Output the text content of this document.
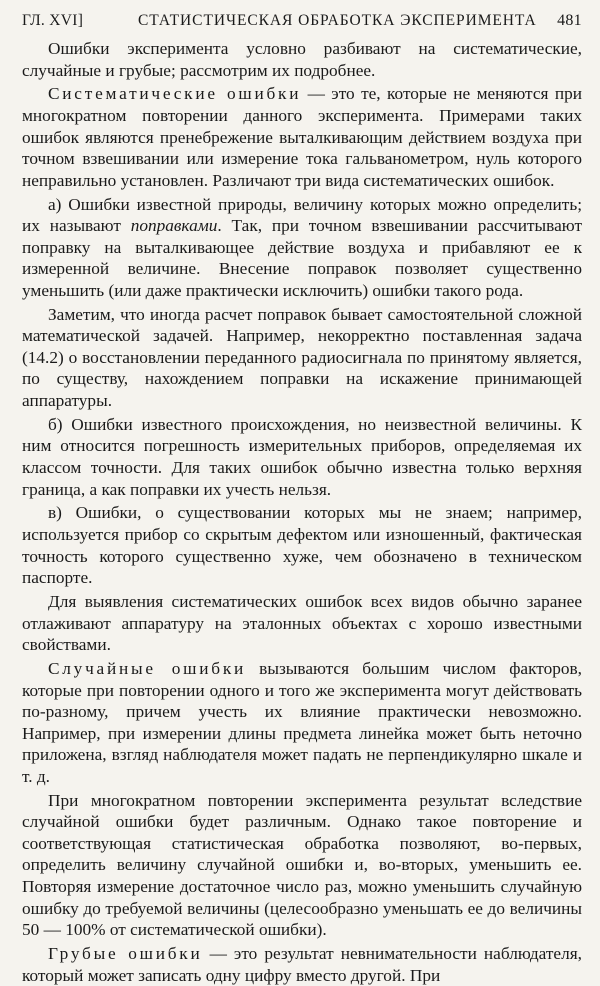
ГЛ. XVI]	СТАТИСТИЧЕСКАЯ ОБРАБОТКА ЭКСПЕРИМЕНТА 481

Ошибки эксперимента условно разбивают на систематические, случайные и грубые; рассмотрим их подробнее.

Систематические ошибки — это те, которые не меняются при многократном повторении данного эксперимента. Примерами таких ошибок являются пренебрежение выталкивающим действием воздуха при точном взвешивании или измерение тока гальванометром, нуль которого неправильно установлен. Различают три вида систематических ошибок.

а) Ошибки известной природы, величину которых можно определить; их называют поправками. Так, при точном взвешивании рассчитывают поправку на выталкивающее действие воздуха и прибавляют ее к измеренной величине. Внесение поправок позволяет существенно уменьшить (или даже практически исключить) ошибки такого рода.

Заметим, что иногда расчет поправок бывает самостоятельной сложной математической задачей. Например, некорректно поставленная задача (14.2) о восстановлении переданного радиосигнала по принятому является, по существу, нахождением поправки на искажение принимающей аппаратуры.

б) Ошибки известного происхождения, но неизвестной величины. К ним относится погрешность измерительных приборов, определяемая их классом точности. Для таких ошибок обычно известна только верхняя граница, а как поправки их учесть нельзя.

в) Ошибки, о существовании которых мы не знаем; например, используется прибор со скрытым дефектом или изношенный, фактическая точность которого существенно хуже, чем обозначено в техническом паспорте.

Для выявления систематических ошибок всех видов обычно заранее отлаживают аппаратуру на эталонных объектах с хорошо известными свойствами.

Случайные ошибки вызываются большим числом факторов, которые при повторении одного и того же эксперимента могут действовать по-разному, причем учесть их влияние практически невозможно. Например, при измерении длины предмета линейка может быть неточно приложена, взгляд наблюдателя может падать не перпендикулярно шкале и т. д.

При многократном повторении эксперимента результат вследствие случайной ошибки будет различным. Однако такое повторение и соответствующая статистическая обработка позволяют, во-первых, определить величину случайной ошибки и, во-вторых, уменьшить ее. Повторяя измерение достаточное число раз, можно уменьшить случайную ошибку до требуемой величины (целесообразно уменьшать ее до величины 50 — 100% от систематической ошибки).

Грубые ошибки — это результат невнимательности наблюдателя, который может записать одну цифру вместо другой. При
